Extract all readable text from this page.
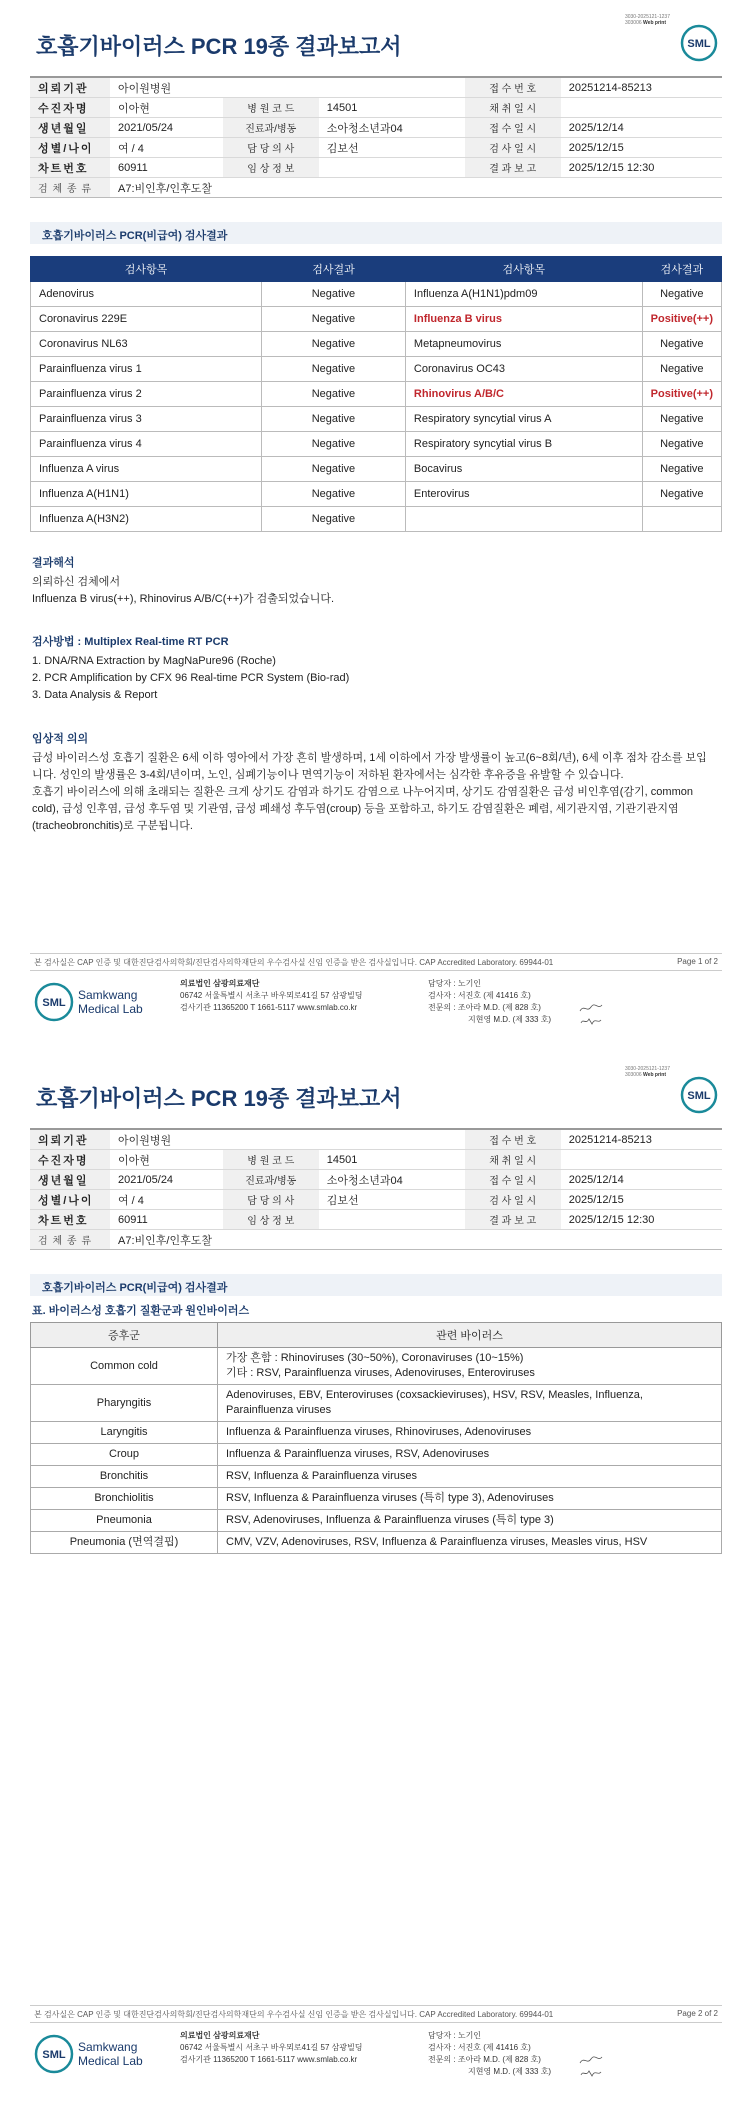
3030-2025121-1237
303006 Web print
호흡기바이러스 PCR 19종 결과보고서	SML
의뢰기관	아이원병원			접 수 번 호	20251214-85213
수진자명	이아현	병 원 코 드	14501	채 취 일 시	
생년월일	2021/05/24	진료과/병동	소아청소년과04	접 수 일 시	2025/12/14
성별/나이	여 / 4	담 당 의 사	김보선	검 사 일 시	2025/12/15
차트번호	60911	임 상 정 보		결 과 보 고	2025/12/15 12:30
검 체 종 류	A7:비인후/인후도찰				
호흡기바이러스 PCR(비급여) 검사결과
검사항목	검사결과	검사항목	검사결과
Adenovirus	Negative	Influenza A(H1N1)pdm09	Negative
Coronavirus 229E	Negative	Influenza B virus	Positive(++)
Coronavirus NL63	Negative	Metapneumovirus	Negative
Parainfluenza virus 1	Negative	Coronavirus OC43	Negative
Parainfluenza virus 2	Negative	Rhinovirus A/B/C	Positive(++)
Parainfluenza virus 3	Negative	Respiratory syncytial virus A	Negative
Parainfluenza virus 4	Negative	Respiratory syncytial virus B	Negative
Influenza A virus	Negative	Bocavirus	Negative
Influenza A(H1N1)	Negative	Enterovirus	Negative
Influenza A(H3N2)	Negative		
결과해석
의뢰하신 검체에서
Influenza B virus(++), Rhinovirus A/B/C(++)가 검출되었습니다.
검사방법 : Multiplex Real-time RT PCR
1. DNA/RNA Extraction by MagNaPure96 (Roche)
2. PCR Amplification by CFX 96 Real-time PCR System (Bio-rad)
3. Data Analysis & Report
임상적 의의
급성 바이러스성 호흡기 질환은 6세 이하 영아에서 가장 흔히 발생하며, 1세 이하에서 가장 발생률이 높고(6~8회/년), 6세 이후 점차 감소를 보입니다. 성인의 발생률은 3-4회/년이며, 노인, 심폐기능이나 면역기능이 저하된 환자에서는 심각한 후유증을 유발할 수 있습니다.
호흡기 바이러스에 의해 초래되는 질환은 크게 상기도 감염과 하기도 감염으로 나누어지며, 상기도 감염질환은 급성 비인후염(감기, common cold), 급성 인후염, 급성 후두염 및 기관염, 급성 폐쇄성 후두염(croup) 등을 포함하고, 하기도 감염질환은 폐렴, 세기관지염, 기관기관지염(tracheobronchitis)로 구분됩니다.
본 검사실은 CAP 인증 및 대한진단검사의학회/진단검사의학재단의 우수검사실 신임 인증을 받은 검사실입니다. CAP Accredited Laboratory. 69944-01	Page 1 of 2
SML
Samkwang
Medical Lab
의료법인 삼광의료재단
06742 서울특별시 서초구 바우뫼로41길 57 삼광빌딩
검사기관 11365200 T 1661-5117 www.smlab.co.kr
담당자 : 노기인
검사자 : 서진호 (제 41416 호)
전문의 : 조아라 M.D. (제 828 호)
지현영 M.D. (제 333 호)
3030-2025121-1237
303006 Web print
호흡기바이러스 PCR 19종 결과보고서	SML
의뢰기관	아이원병원			접 수 번 호	20251214-85213
수진자명	이아현	병 원 코 드	14501	채 취 일 시	
생년월일	2021/05/24	진료과/병동	소아청소년과04	접 수 일 시	2025/12/14
성별/나이	여 / 4	담 당 의 사	김보선	검 사 일 시	2025/12/15
차트번호	60911	임 상 정 보		결 과 보 고	2025/12/15 12:30
검 체 종 류	A7:비인후/인후도찰				
호흡기바이러스 PCR(비급여) 검사결과
표. 바이러스성 호흡기 질환군과 원인바이러스
증후군	관련 바이러스
Common cold	가장 흔함 : Rhinoviruses (30~50%), Coronaviruses (10~15%)
기타 : RSV, Parainfluenza viruses, Adenoviruses, Enteroviruses

Pharyngitis	Adenoviruses, EBV, Enteroviruses (coxsackieviruses), HSV, RSV, Measles, Influenza, Parainfluenza viruses

Laryngitis	Influenza & Parainfluenza viruses, Rhinoviruses, Adenoviruses

Croup	Influenza & Parainfluenza viruses, RSV, Adenoviruses

Bronchitis	RSV, Influenza & Parainfluenza viruses

Bronchiolitis	RSV, Influenza & Parainfluenza viruses (특히 type 3), Adenoviruses

Pneumonia	RSV, Adenoviruses, Influenza & Parainfluenza viruses (특히 type 3)

Pneumonia (면역결핍)	CMV, VZV, Adenoviruses, RSV, Influenza & Parainfluenza viruses, Measles virus, HSV
본 검사실은 CAP 인증 및 대한진단검사의학회/진단검사의학재단의 우수검사실 신임 인증을 받은 검사실입니다. CAP Accredited Laboratory. 69944-01	Page 2 of 2
SML
Samkwang
Medical Lab
의료법인 삼광의료재단
06742 서울특별시 서초구 바우뫼로41길 57 삼광빌딩
검사기관 11365200 T 1661-5117 www.smlab.co.kr
담당자 : 노기인
검사자 : 서진호 (제 41416 호)
전문의 : 조아라 M.D. (제 828 호)
지현영 M.D. (제 333 호)
